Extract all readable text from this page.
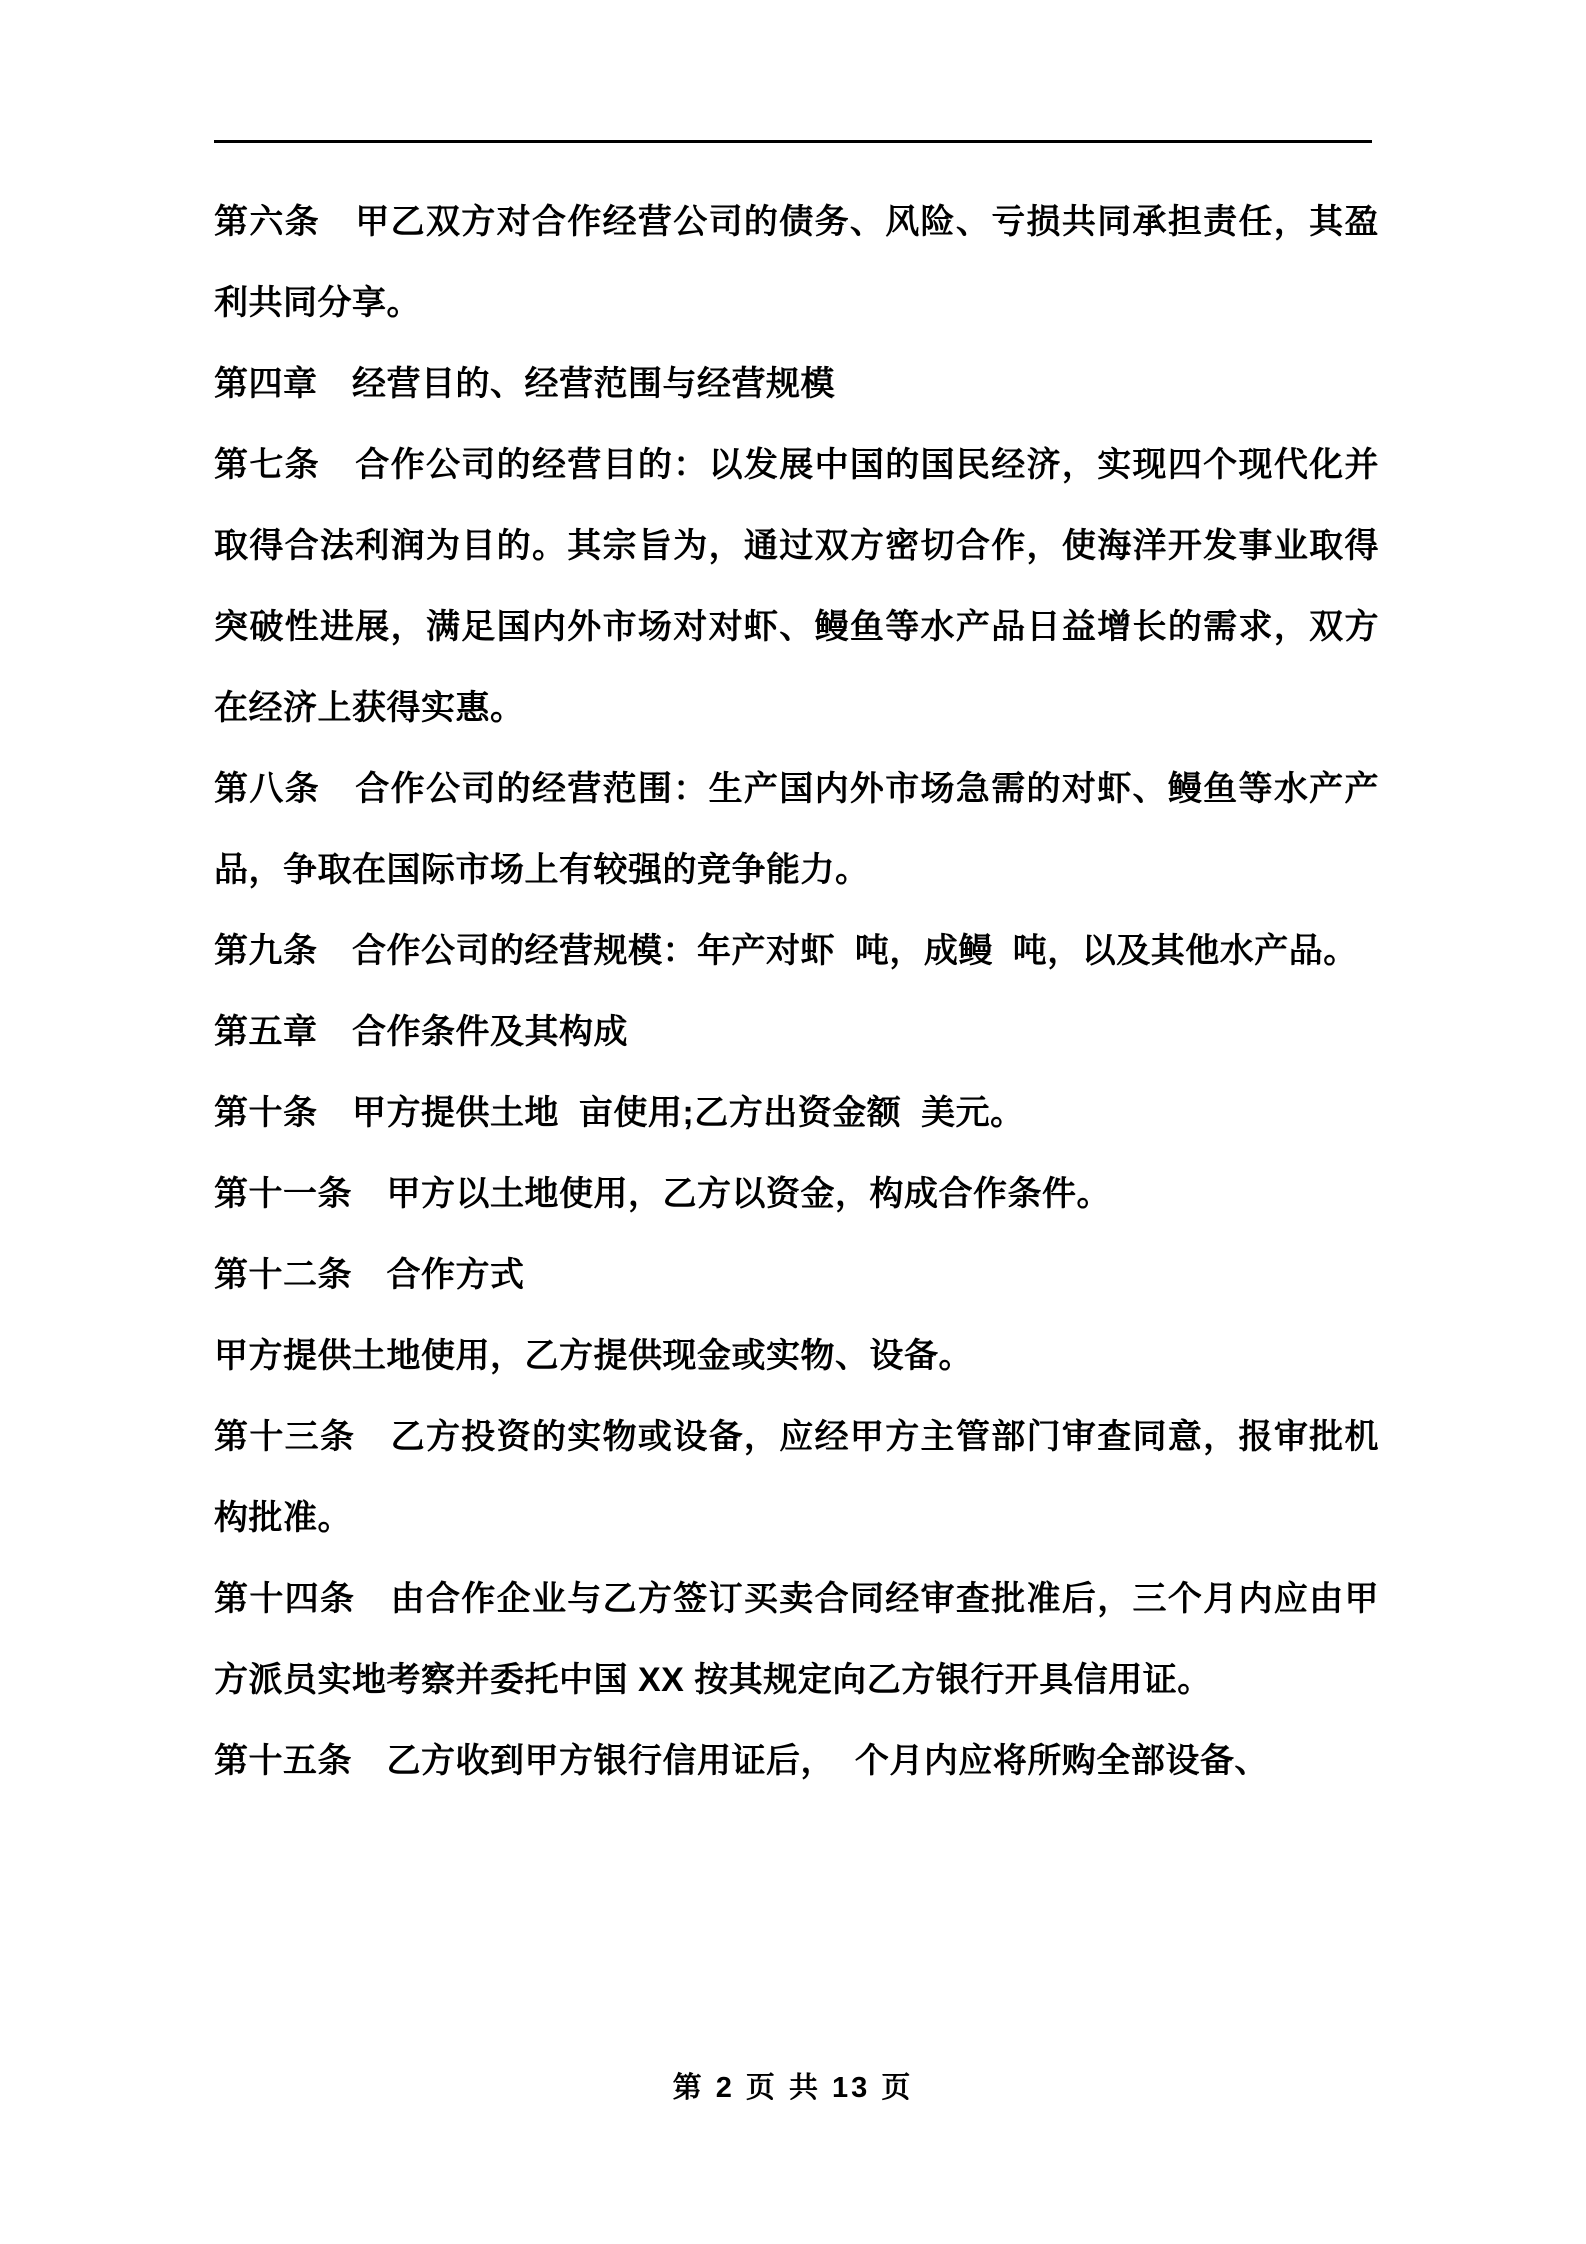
第六条　甲乙双方对合作经营公司的债务、风险、亏损共同承担责任，其盈利共同分享。

第四章　经营目的、经营范围与经营规模

第七条　合作公司的经营目的：以发展中国的国民经济，实现四个现代化并取得合法利润为目的。其宗旨为，通过双方密切合作，使海洋开发事业取得突破性进展，满足国内外市场对对虾、鳗鱼等水产品日益增长的需求，双方在经济上获得实惠。

第八条　合作公司的经营范围：生产国内外市场急需的对虾、鳗鱼等水产产品，争取在国际市场上有较强的竞争能力。

第九条　合作公司的经营规模：年产对虾  吨，成鳗  吨，以及其他水产品。

第五章　合作条件及其构成

第十条　甲方提供土地  亩使用;乙方出资金额  美元。

第十一条　甲方以土地使用，乙方以资金，构成合作条件。

第十二条　合作方式

甲方提供土地使用，乙方提供现金或实物、设备。

第十三条　乙方投资的实物或设备，应经甲方主管部门审查同意，报审批机构批准。

第十四条　由合作企业与乙方签订买卖合同经审查批准后，三个月内应由甲方派员实地考察并委托中国 XX 按其规定向乙方银行开具信用证。

第十五条　乙方收到甲方银行信用证后，  个月内应将所购全部设备、

第 2 页 共 13 页
